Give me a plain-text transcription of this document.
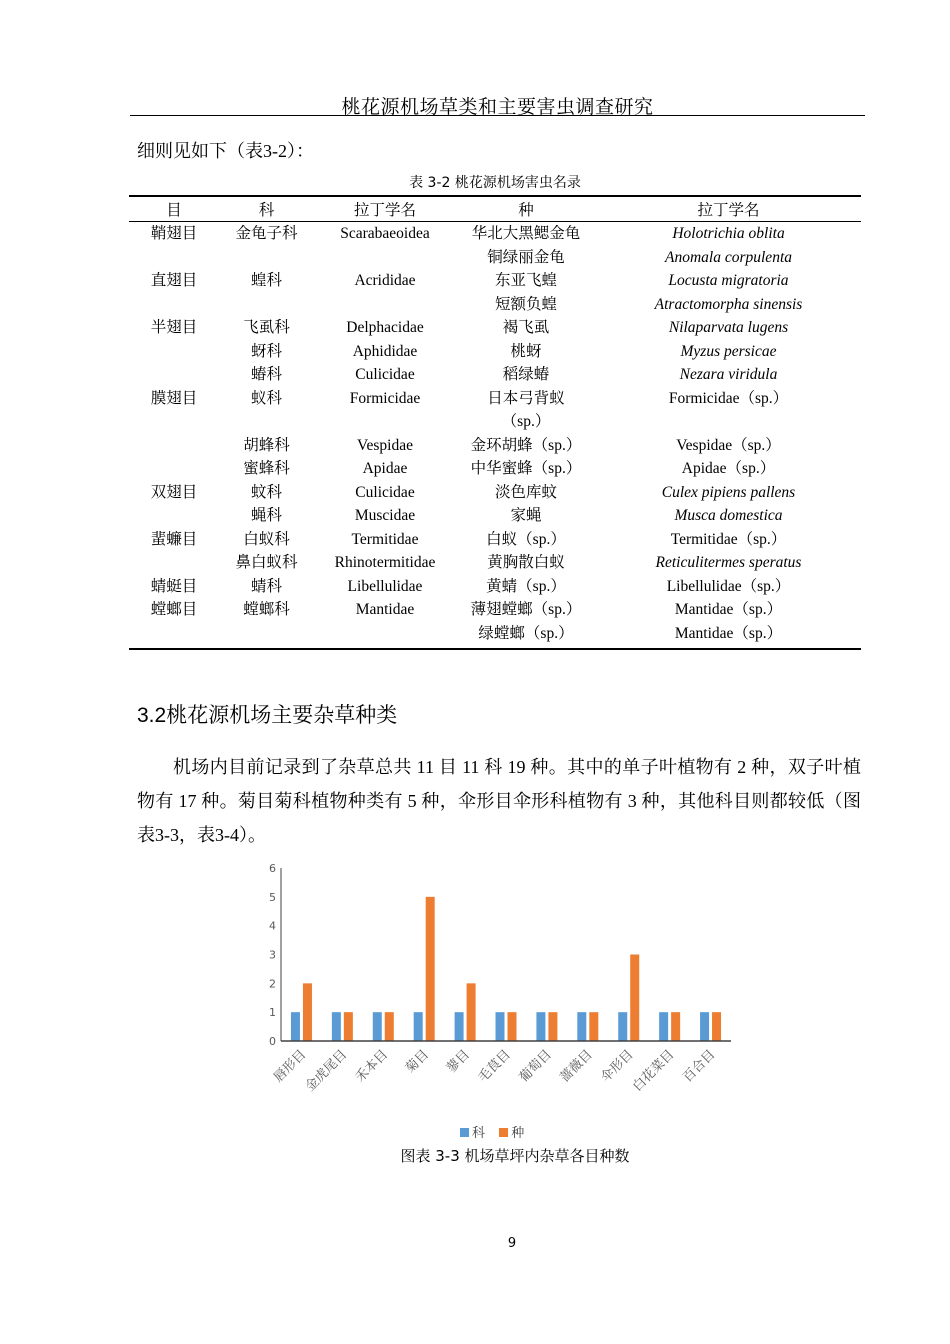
桃花源机场草类和主要害虫调查研究
细则见如下（表3-2）：
表 3-2 桃花源机场害虫名录
目	科	拉丁学名	种	拉丁学名
鞘翅目	金龟子科	Scarabaeoidea	华北大黑鳃金龟	Holotrichia oblita
			铜绿丽金龟	Anomala corpulenta
直翅目	蝗科	Acrididae	东亚飞蝗	Locusta migratoria
			短额负蝗	Atractomorpha sinensis
半翅目	飞虱科	Delphacidae	褐飞虱	Nilaparvata lugens
	蚜科	Aphididae	桃蚜	Myzus persicae
	蝽科	Culicidae	稻绿蝽	Nezara viridula
膜翅目	蚁科	Formicidae	日本弓背蚁	Formicidae（sp.）
			（sp.）	
	胡蜂科	Vespidae	金环胡蜂（sp.）	Vespidae（sp.）
	蜜蜂科	Apidae	中华蜜蜂（sp.）	Apidae（sp.）
双翅目	蚊科	Culicidae	淡色库蚊	Culex pipiens pallens
	蝇科	Muscidae	家蝇	Musca domestica
蜚蠊目	白蚁科	Termitidae	白蚁（sp.）	Termitidae（sp.）
	鼻白蚁科	Rhinotermitidae	黄胸散白蚁	Reticulitermes speratus
蜻蜓目	蜻科	Libellulidae	黄蜻（sp.）	Libellulidae（sp.）
螳螂目	螳螂科	Mantidae	薄翅螳螂（sp.）	Mantidae（sp.）
			绿螳螂（sp.）	Mantidae（sp.）
3.2桃花源机场主要杂草种类

机场内目前记录到了杂草总共 11 目 11 科 19 种。其中的单子叶植物有 2 种，双子叶植物有 17 种。菊目菊科植物种类有 5 种，伞形目伞形科植物有 3 种，其他科目则都较低（图表3-3，表3-4）。

0
1
2
3
4
5
6
唇形目
金虎尾目 禾本目 菊目 蓼目 毛茛目 葡萄目 蔷薇目 伞形目
白花菜目 百合目
科 种
图表 3-3 机场草坪内杂草各目种数
9
